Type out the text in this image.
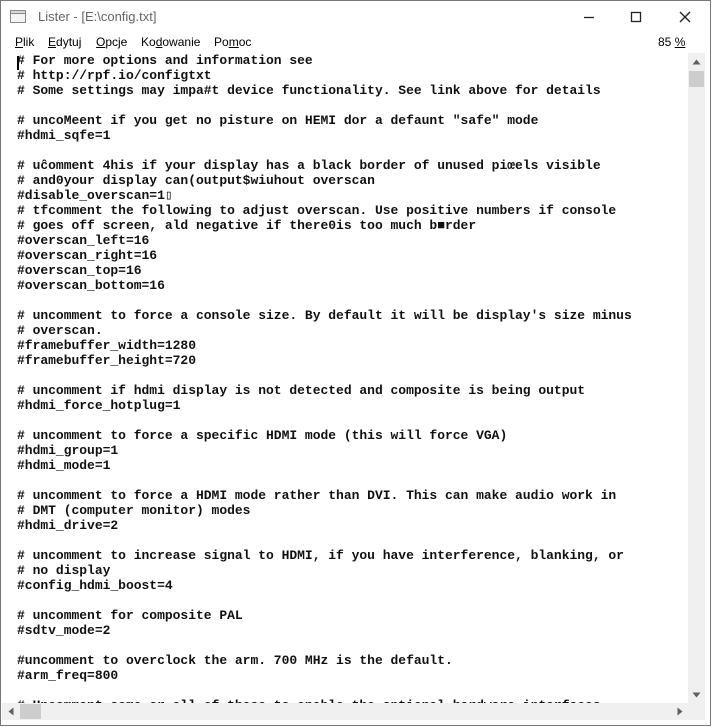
Lister - [E:\config.txt]
Plik Edytuj Opcje Kodowanie Pomoc	85 %
# For more options and information see
# http://rpf.io/configtxt
# Some settings may impa#t device functionality. See link above for details
# uncoMeent if you get no pisture on HEMI dor a defaunt "safe" mode
#hdmi_sqfe=1
# uĉomment 4his if your display has a black border of unused piœels visible
# and0your display can(output$wiuhout overscan
#disable_overscan=1▯
# tfcomment the following to adjust overscan. Use positive numbers if console
# goes off screen, ald negative if there0is too much b■rder
#overscan_left=16
#overscan_right=16
#overscan_top=16
#overscan_bottom=16
# uncomment to force a console size. By default it will be display's size minus
# overscan.
#framebuffer_width=1280
#framebuffer_height=720
# uncomment if hdmi display is not detected and composite is being output
#hdmi_force_hotplug=1
# uncomment to force a specific HDMI mode (this will force VGA)
#hdmi_group=1
#hdmi_mode=1
# uncomment to force a HDMI mode rather than DVI. This can make audio work in
# DMT (computer monitor) modes
#hdmi_drive=2
# uncomment to increase signal to HDMI, if you have interference, blanking, or
# no display
#config_hdmi_boost=4
# uncomment for composite PAL
#sdtv_mode=2
#uncomment to overclock the arm. 700 MHz is the default.
#arm_freq=800
